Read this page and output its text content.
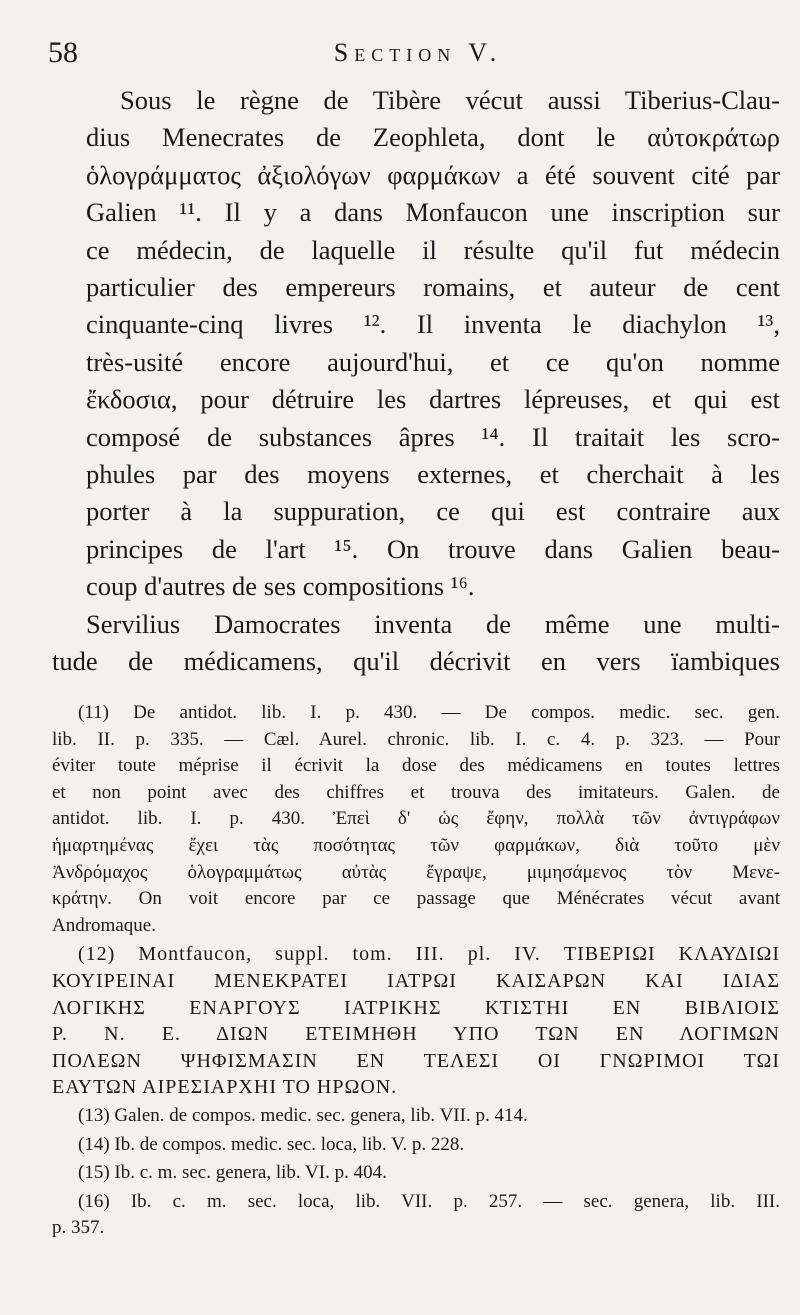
58	Section V.

Sous le règne de Tibère vécut aussi Tiberius-Clau-
dius Menecrates de Zeophleta, dont le αὐτοκράτωρ
ὁλογράμματος ἀξιολόγων φαρμάκων a été souvent cité par
Galien ¹¹. Il y a dans Monfaucon une inscription sur
ce médecin, de laquelle il résulte qu'il fut médecin
particulier des empereurs romains, et auteur de cent
cinquante-cinq livres ¹². Il inventa le diachylon ¹³,
très-usité encore aujourd'hui, et ce qu'on nomme
ἔκδοσια, pour détruire les dartres lépreuses, et qui est
composé de substances âpres ¹⁴. Il traitait les scro-
phules par des moyens externes, et cherchait à les
porter à la suppuration, ce qui est contraire aux
principes de l'art ¹⁵. On trouve dans Galien beau-
coup d'autres de ses compositions ¹⁶.

Servilius Damocrates inventa de même une multi-
tude de médicamens, qu'il décrivit en vers ïambiques

(11) De antidot. lib. I. p. 430. — De compos. medic. sec. gen.
lib. II. p. 335. — Cæl. Aurel. chronic. lib. I. c. 4. p. 323. — Pour
éviter toute méprise il écrivit la dose des médicamens en toutes lettres
et non point avec des chiffres et trouva des imitateurs. Galen. de
antidot. lib. I. p. 430. Ἐπεὶ δ' ὡς ἔφην, πολλὰ τῶν ἀντιγράφων
ἡμαρτημένας ἔχει τὰς ποσότητας τῶν φαρμάκων, διὰ τοῦτο μὲν
Ἀνδρόμαχος ὁλογραμμάτως αὐτὰς ἔγραψε, μιμησάμενος τὸν Μενε-
κράτην. On voit encore par ce passage que Ménécrates vécut avant
Andromaque.
(12) Montfaucon, suppl. tom. III. pl. IV. ΤΙΒΕΡΙΩΙ ΚΛΑΥΔΙΩΙ
ΚΟΥΙΡΕΙΝΑΙ ΜΕΝΕΚΡΑΤΕΙ ΙΑΤΡΩΙ ΚΑΙΣΑΡΩΝ ΚΑΙ ΙΔΙΑΣ
ΛΟΓΙΚΗΣ ΕΝΑΡΓΟΥΣ ΙΑΤΡΙΚΗΣ ΚΤΙΣΤΗΙ ΕΝ ΒΙΒΛΙΟΙΣ
Ρ. Ν. Ε. ΔΙΩΝ ΕΤΕΙΜΗΘΗ ΥΠΟ ΤΩΝ ΕΝ ΛΟΓΙΜΩΝ
ΠΟΛΕΩΝ ΨΗΦΙΣΜΑΣΙΝ ΕΝ ΤΕΛΕΣΙ ΟΙ ΓΝΩΡΙΜΟΙ ΤΩΙ
ΕΑΥΤΩΝ ΑΙΡΕΣΙΑΡΧΗΙ ΤΟ ΗΡΩΟΝ.
(13) Galen. de compos. medic. sec. genera, lib. VII. p. 414.
(14) Ib. de compos. medic. sec. loca, lib. V. p. 228.
(15) Ib. c. m. sec. genera, lib. VI. p. 404.
(16) Ib. c. m. sec. loca, lib. VII. p. 257. — sec. genera, lib. III.
p. 357.
